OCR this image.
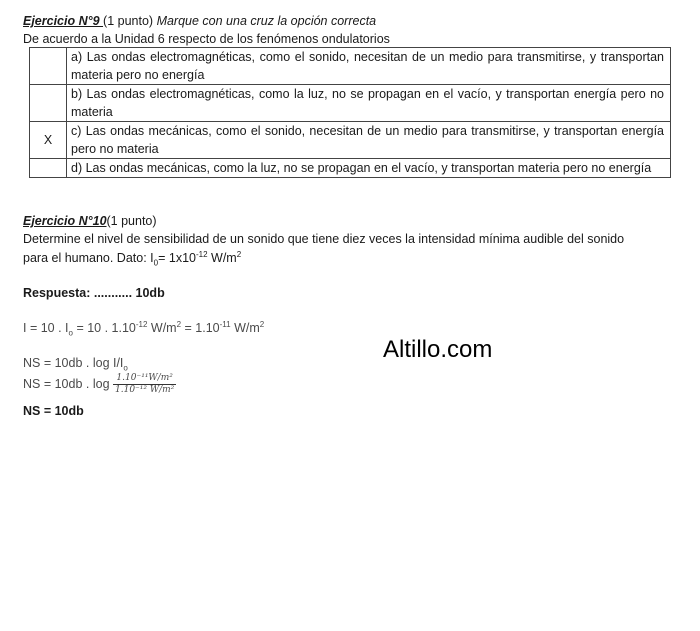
Ejercicio N°9 (1 punto) Marque con una cruz la opción correcta
De acuerdo a la Unidad 6 respecto de los fenómenos ondulatorios
	a) Las ondas electromagnéticas, como el sonido, necesitan de un medio para transmitirse, y transportan materia pero no energía
	b) Las ondas electromagnéticas, como la luz, no se propagan en el vacío, y transportan energía pero no materia
X	c) Las ondas mecánicas, como el sonido, necesitan de un medio para transmitirse, y transportan energía pero no materia
	d) Las ondas mecánicas, como la luz, no se propagan en el vacío, y transportan materia pero no energía
Ejercicio N°10(1 punto)
Determine el nivel de sensibilidad de un sonido que tiene diez veces la intensidad mínima audible del sonido
para el humano. Dato: $I_0= 1x10^{-12}$ $W/m^2$
Respuesta: ........... 10db
I = 10 . $I_o = 10$ . $1.10^{-12}$ $W/m^2 = 1.10^{-11}$ $W/m^2$
NS = 10db . $\log I/I_o$
NS = 10db . $\log \frac{\text{1.10⁻¹¹W/m²}}{\text{1.10⁻¹² W/m²}}$
NS = 10db
Altillo.com
